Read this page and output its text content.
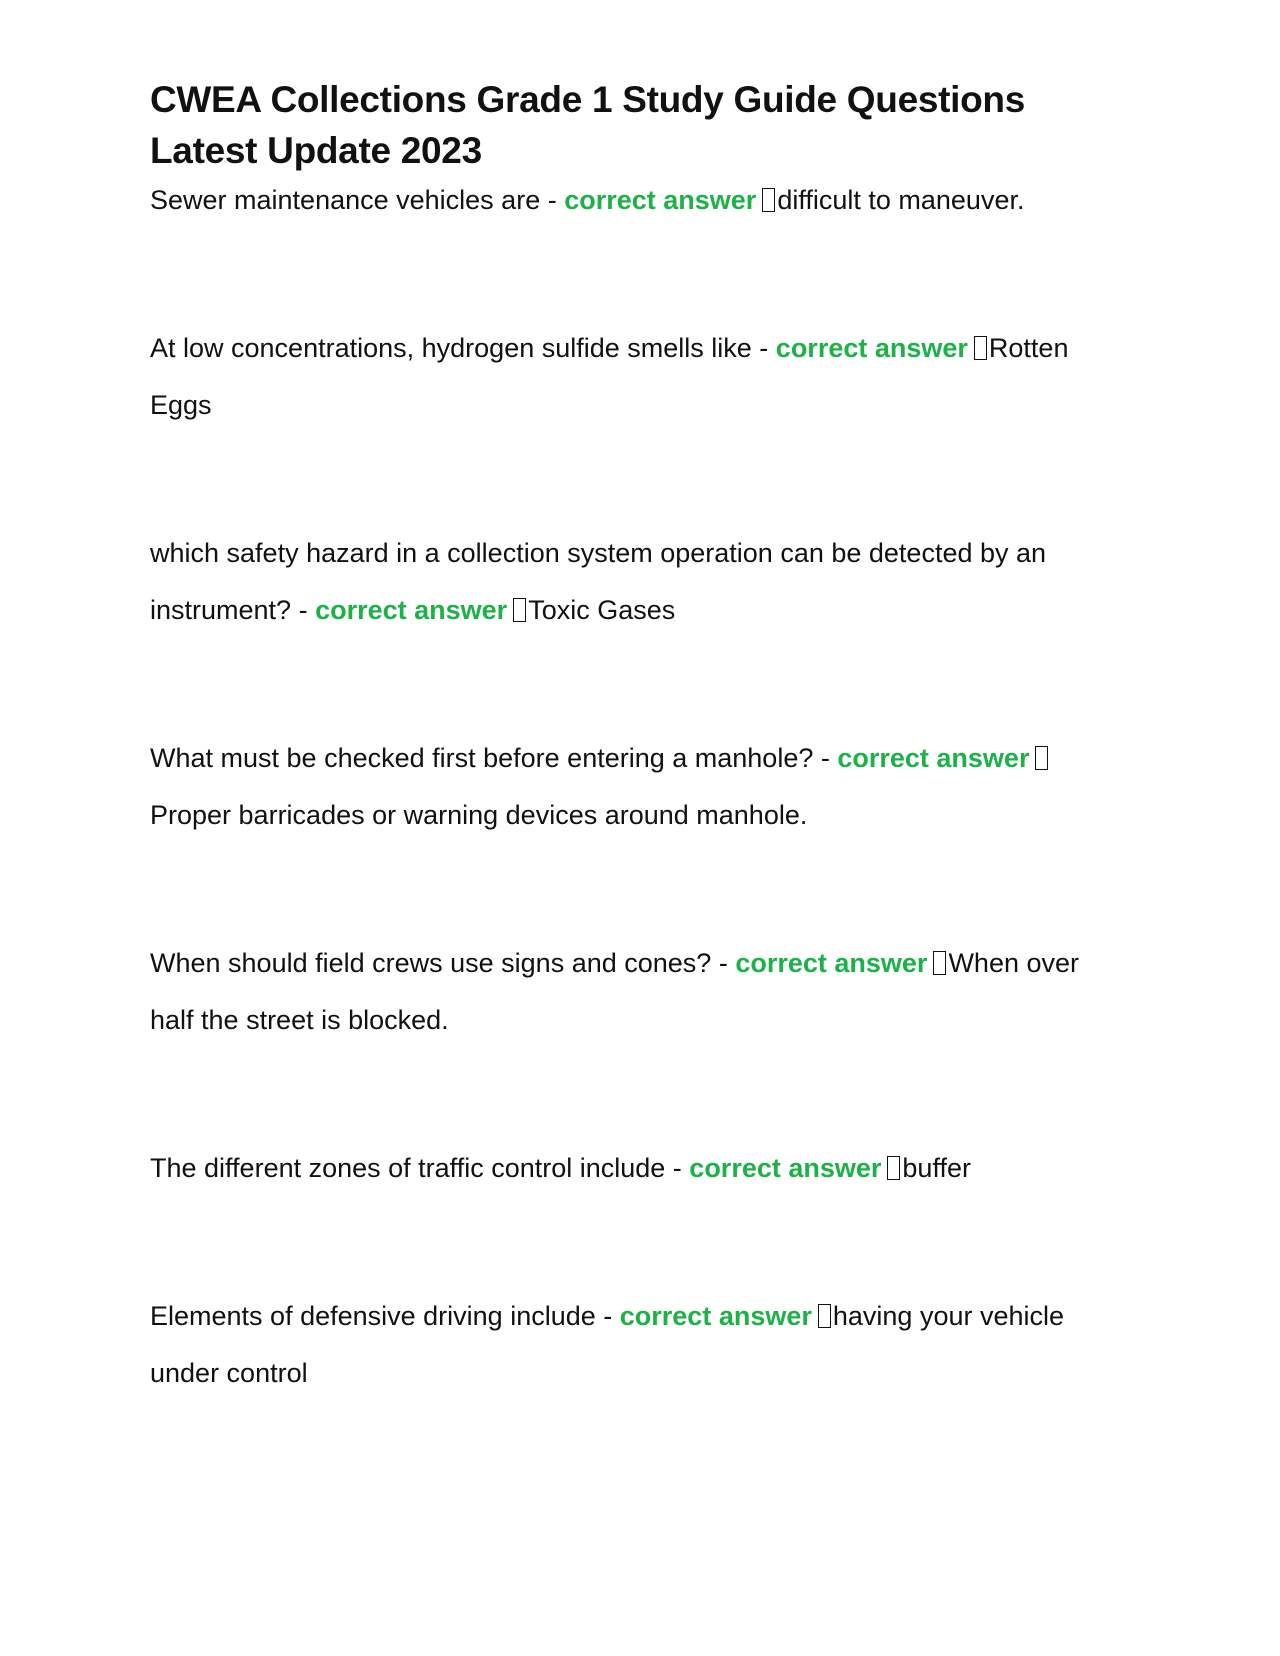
CWEA Collections Grade 1 Study Guide Questions Latest Update 2023

Sewer maintenance vehicles are - correct answer difficult to maneuver.

At low concentrations, hydrogen sulfide smells like - correct answer Rotten Eggs

which safety hazard in a collection system operation can be detected by an instrument? - correct answer Toxic Gases

What must be checked first before entering a manhole? - correct answerProper barricades or warning devices around manhole.

When should field crews use signs and cones? - correct answer When over half the street is blocked.

The different zones of traffic control include - correct answer buffer

Elements of defensive driving include - correct answer having your vehicle under control
